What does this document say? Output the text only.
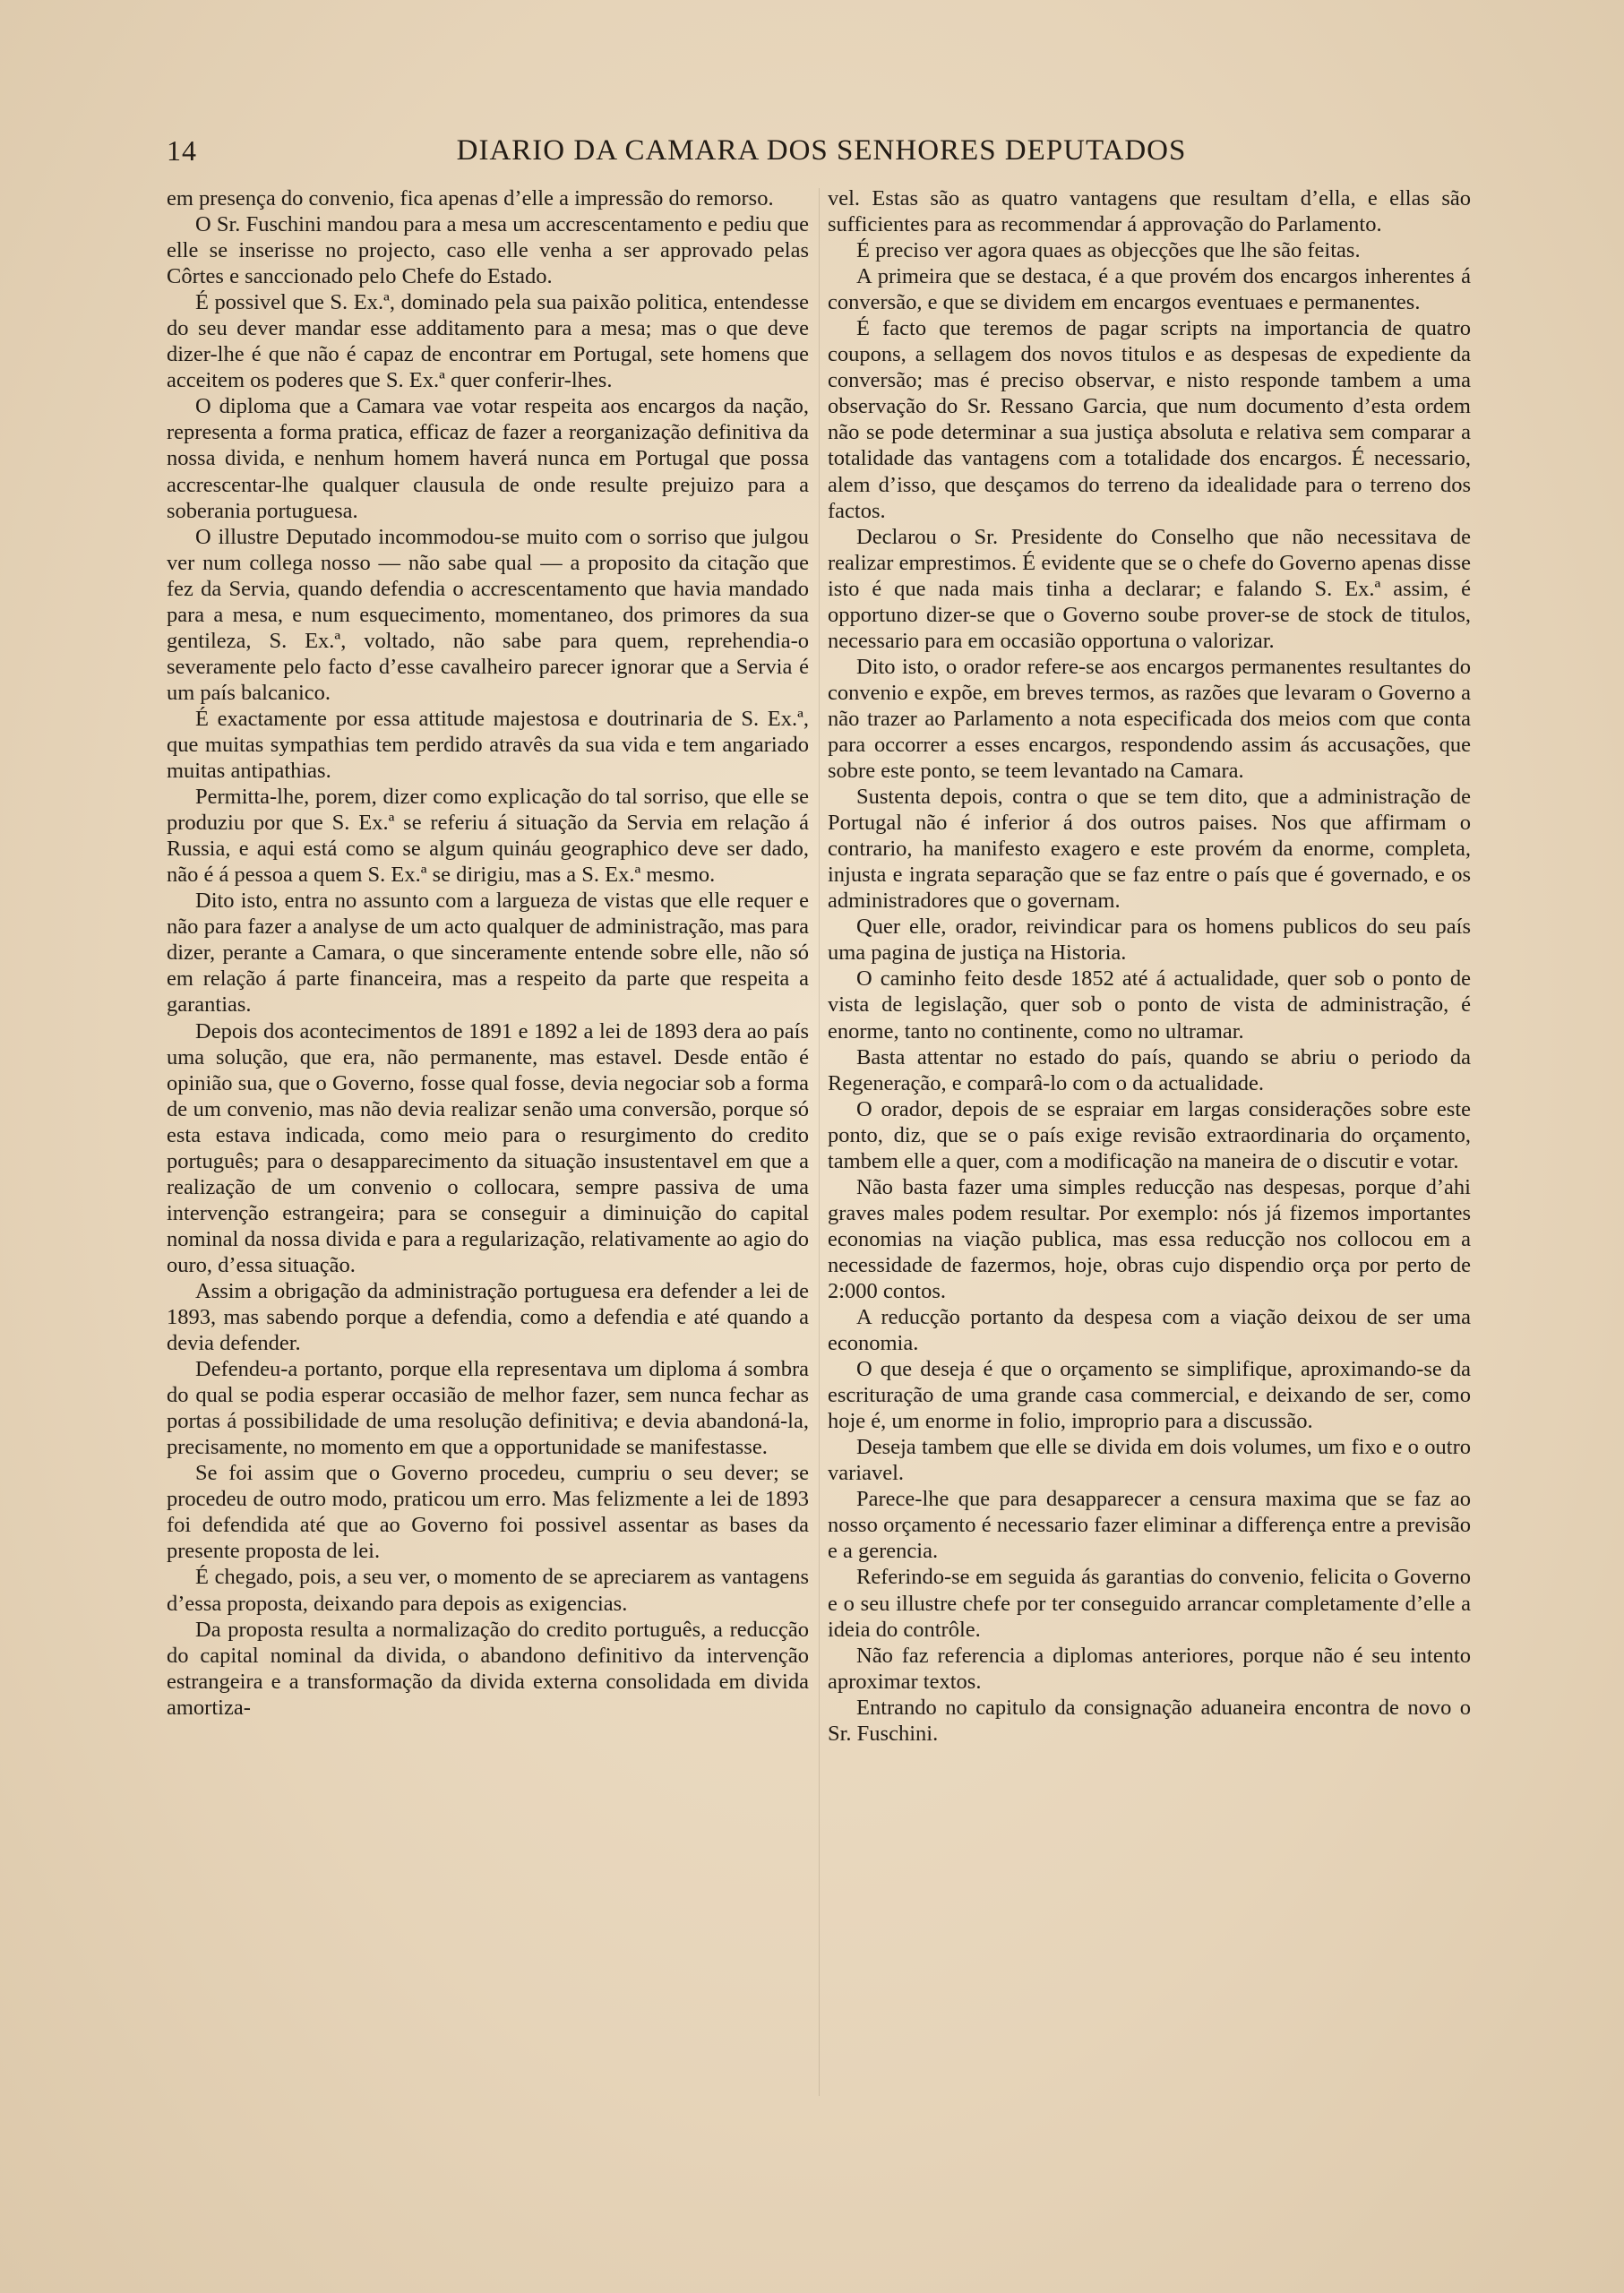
14	DIARIO DA CAMARA DOS SENHORES DEPUTADOS

em presença do convenio, fica apenas d’elle a impressão do remorso.

O Sr. Fuschini mandou para a mesa um accrescentamento e pediu que elle se inserisse no projecto, caso elle venha a ser approvado pelas Côrtes e sanccionado pelo Chefe do Estado.

É possivel que S. Ex.ª, dominado pela sua paixão politica, entendesse do seu dever mandar esse additamento para a mesa; mas o que deve dizer-lhe é que não é capaz de encontrar em Portugal, sete homens que acceitem os poderes que S. Ex.ª quer conferir-lhes.

O diploma que a Camara vae votar respeita aos encargos da nação, representa a forma pratica, efficaz de fazer a reorganização definitiva da nossa divida, e nenhum homem haverá nunca em Portugal que possa accrescentar-lhe qualquer clausula de onde resulte prejuizo para a soberania portuguesa.

O illustre Deputado incommodou-se muito com o sorriso que julgou ver num collega nosso — não sabe qual — a proposito da citação que fez da Servia, quando defendia o accrescentamento que havia mandado para a mesa, e num esquecimento, momentaneo, dos primores da sua gentileza, S. Ex.ª, voltado, não sabe para quem, reprehendia-o severamente pelo facto d’esse cavalheiro parecer ignorar que a Servia é um país balcanico.

É exactamente por essa attitude majestosa e doutrinaria de S. Ex.ª, que muitas sympathias tem perdido atravês da sua vida e tem angariado muitas antipathias.

Permitta-lhe, porem, dizer como explicação do tal sorriso, que elle se produziu por que S. Ex.ª se referiu á situação da Servia em relação á Russia, e aqui está como se algum quináu geographico deve ser dado, não é á pessoa a quem S. Ex.ª se dirigiu, mas a S. Ex.ª mesmo.

Dito isto, entra no assunto com a largueza de vistas que elle requer e não para fazer a analyse de um acto qualquer de administração, mas para dizer, perante a Camara, o que sinceramente entende sobre elle, não só em relação á parte financeira, mas a respeito da parte que respeita a garantias.

Depois dos acontecimentos de 1891 e 1892 a lei de 1893 dera ao país uma solução, que era, não permanente, mas estavel. Desde então é opinião sua, que o Governo, fosse qual fosse, devia negociar sob a forma de um convenio, mas não devia realizar senão uma conversão, porque só esta estava indicada, como meio para o resurgimento do credito português; para o desapparecimento da situação insustentavel em que a realização de um convenio o collocara, sempre passiva de uma intervenção estrangeira; para se conseguir a diminuição do capital nominal da nossa divida e para a regularização, relativamente ao agio do ouro, d’essa situação.

Assim a obrigação da administração portuguesa era defender a lei de 1893, mas sabendo porque a defendia, como a defendia e até quando a devia defender.

Defendeu-a portanto, porque ella representava um diploma á sombra do qual se podia esperar occasião de melhor fazer, sem nunca fechar as portas á possibilidade de uma resolução definitiva; e devia abandoná-la, precisamente, no momento em que a opportunidade se manifestasse.

Se foi assim que o Governo procedeu, cumpriu o seu dever; se procedeu de outro modo, praticou um erro. Mas felizmente a lei de 1893 foi defendida até que ao Governo foi possivel assentar as bases da presente proposta de lei.

É chegado, pois, a seu ver, o momento de se apreciarem as vantagens d’essa proposta, deixando para depois as exigencias.

Da proposta resulta a normalização do credito português, a reducção do capital nominal da divida, o abandono definitivo da intervenção estrangeira e a transformação da divida externa consolidada em divida amortiza-

vel. Estas são as quatro vantagens que resultam d’ella, e ellas são sufficientes para as recommendar á approvação do Parlamento.

É preciso ver agora quaes as objecções que lhe são feitas.

A primeira que se destaca, é a que provém dos encargos inherentes á conversão, e que se dividem em encargos eventuaes e permanentes.

É facto que teremos de pagar scripts na importancia de quatro coupons, a sellagem dos novos titulos e as despesas de expediente da conversão; mas é preciso observar, e nisto responde tambem a uma observação do Sr. Ressano Garcia, que num documento d’esta ordem não se pode determinar a sua justiça absoluta e relativa sem comparar a totalidade das vantagens com a totalidade dos encargos. É necessario, alem d’isso, que desçamos do terreno da idealidade para o terreno dos factos.

Declarou o Sr. Presidente do Conselho que não necessitava de realizar emprestimos. É evidente que se o chefe do Governo apenas disse isto é que nada mais tinha a declarar; e falando S. Ex.ª assim, é opportuno dizer-se que o Governo soube prover-se de stock de titulos, necessario para em occasião opportuna o valorizar.

Dito isto, o orador refere-se aos encargos permanentes resultantes do convenio e expõe, em breves termos, as razões que levaram o Governo a não trazer ao Parlamento a nota especificada dos meios com que conta para occorrer a esses encargos, respondendo assim ás accusações, que sobre este ponto, se teem levantado na Camara.

Sustenta depois, contra o que se tem dito, que a administração de Portugal não é inferior á dos outros paises. Nos que affirmam o contrario, ha manifesto exagero e este provém da enorme, completa, injusta e ingrata separação que se faz entre o país que é governado, e os administradores que o governam.

Quer elle, orador, reivindicar para os homens publicos do seu país uma pagina de justiça na Historia.

O caminho feito desde 1852 até á actualidade, quer sob o ponto de vista de legislação, quer sob o ponto de vista de administração, é enorme, tanto no continente, como no ultramar.

Basta attentar no estado do país, quando se abriu o periodo da Regeneração, e comparâ-lo com o da actualidade.

O orador, depois de se espraiar em largas considerações sobre este ponto, diz, que se o país exige revisão extraordinaria do orçamento, tambem elle a quer, com a modificação na maneira de o discutir e votar.

Não basta fazer uma simples reducção nas despesas, porque d’ahi graves males podem resultar. Por exemplo: nós já fizemos importantes economias na viação publica, mas essa reducção nos collocou em a necessidade de fazermos, hoje, obras cujo dispendio orça por perto de 2:000 contos.

A reducção portanto da despesa com a viação deixou de ser uma economia.

O que deseja é que o orçamento se simplifique, aproximando-se da escrituração de uma grande casa commercial, e deixando de ser, como hoje é, um enorme in folio, improprio para a discussão.

Deseja tambem que elle se divida em dois volumes, um fixo e o outro variavel.

Parece-lhe que para desapparecer a censura maxima que se faz ao nosso orçamento é necessario fazer eliminar a differença entre a previsão e a gerencia.

Referindo-se em seguida ás garantias do convenio, felicita o Governo e o seu illustre chefe por ter conseguido arrancar completamente d’elle a ideia do contrôle.

Não faz referencia a diplomas anteriores, porque não é seu intento aproximar textos.

Entrando no capitulo da consignação aduaneira encontra de novo o Sr. Fuschini.
